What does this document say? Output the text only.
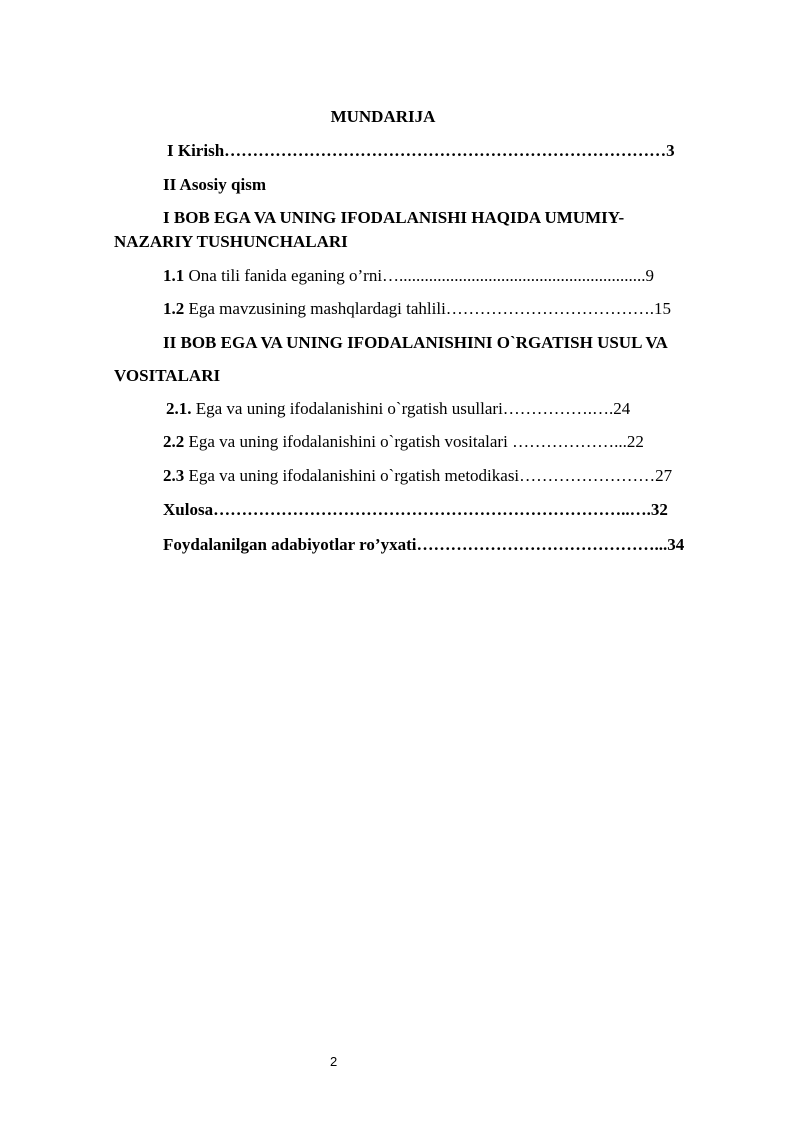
MUNDARIJA
I Kirish……………………………………………………………………3
II Asosiy qism
I BOB EGA VA UNING IFODALANISHI HAQIDA UMUMIY-
NAZARIY TUSHUNCHALARI
1.1 Ona tili fanida eganing o’rni…..........................................................9
1.2 Ega mavzusining mashqlardagi tahlili……………………………….15
II BOB EGA VA UNING IFODALANISHINI O`RGATISH USUL VA
VOSITALARI
2.1. Ega va uning ifodalanishini o`rgatish usullari…………….….24
2.2 Ega va uning ifodalanishini o`rgatish vositalari ………………...22
2.3 Ega va uning ifodalanishini o`rgatish metodikasi……………………27
Xulosa………………………………………………………………..….32
Foydalanilgan adabiyotlar ro’yxati……………………………………...34
2
